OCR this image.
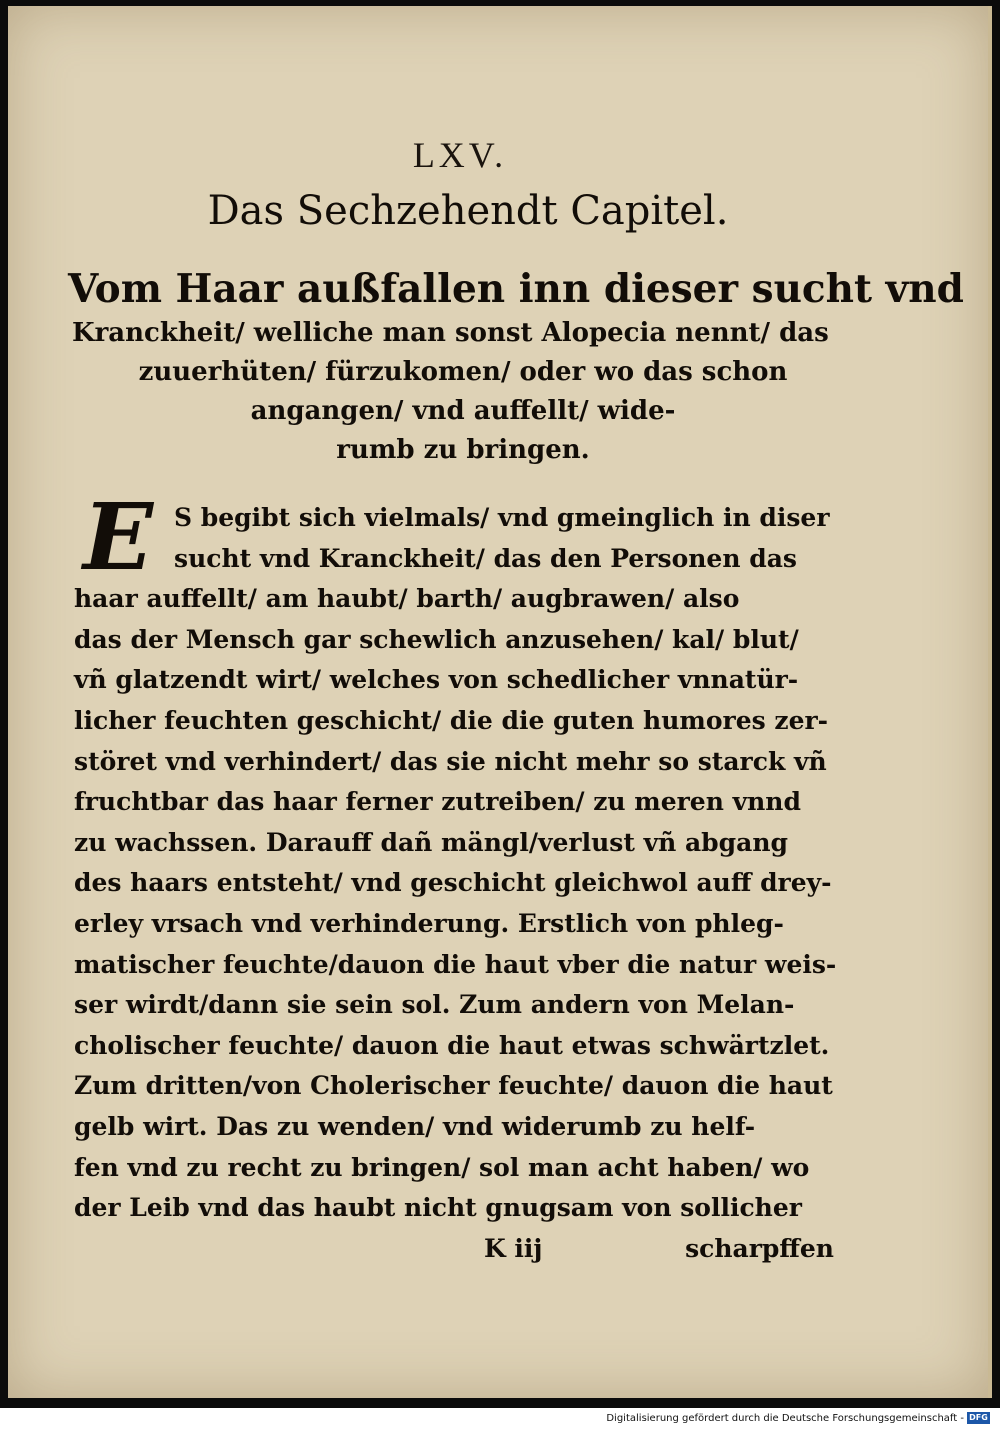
LXV.
Das Sechzehendt Capitel.
Vom Haar außfallen inn dieser sucht vnd
Kranckheit/ welliche man sonst Alopecia nennt/ das
zuuerhüten/ fürzukomen/ oder wo das schon
angangen/ vnd auffellt/ wide-
rumb zu bringen.
E S begibt sich vielmals/ vnd gmeinglich in diser
sucht vnd Kranckheit/ das den Personen das
haar auffellt/ am haubt/ barth/ augbrawen/ also
das der Mensch gar schewlich anzusehen/ kal/ blut/
vñ glatzendt wirt/ welches von schedlicher vnnatür-
licher feuchten geschicht/ die die guten humores zer-
störet vnd verhindert/ das sie nicht mehr so starck vñ
fruchtbar das haar ferner zutreiben/ zu meren vnnd
zu wachssen. Darauff dañ mängl/verlust vñ abgang
des haars entsteht/ vnd geschicht gleichwol auff drey-
erley vrsach vnd verhinderung. Erstlich von phleg-
matischer feuchte/dauon die haut vber die natur weis-
ser wirdt/dann sie sein sol. Zum andern von Melan-
cholischer feuchte/ dauon die haut etwas schwärtzlet.
Zum dritten/von Cholerischer feuchte/ dauon die haut
gelb wirt. Das zu wenden/ vnd widerumb zu helf-
fen vnd zu recht zu bringen/ sol man acht haben/ wo
der Leib vnd das haubt nicht gnugsam von sollicher
K iij	scharpffen
Digitalisierung gefördert durch die Deutsche Forschungsgemeinschaft - DFG
